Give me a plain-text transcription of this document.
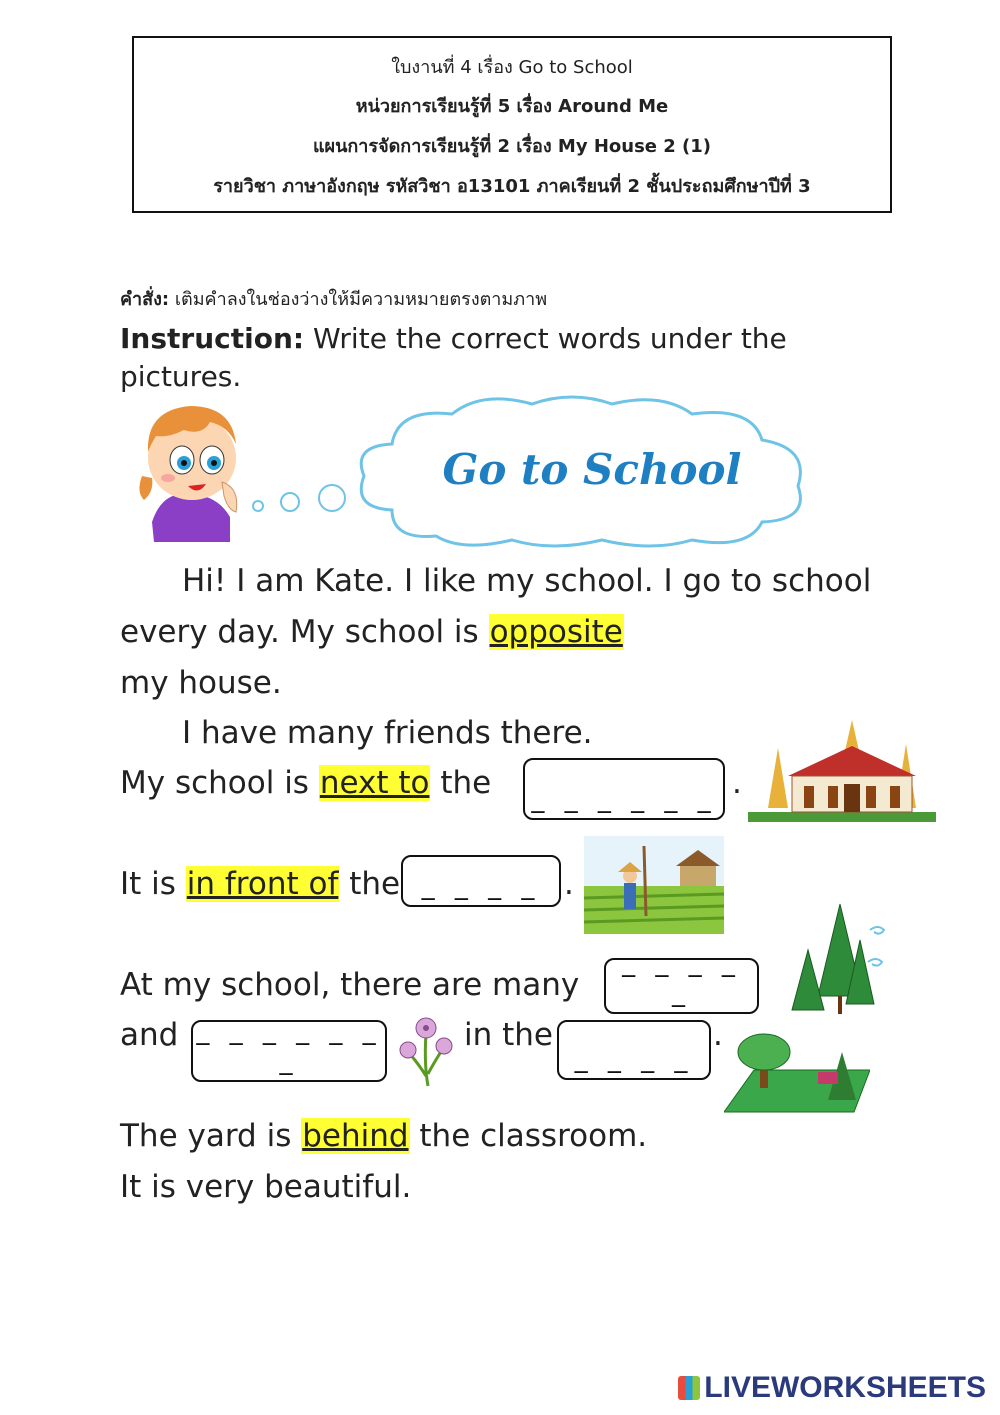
ใบงานที่ 4 เรื่อง Go to School
หน่วยการเรียนรู้ที่ 5 เรื่อง Around Me
แผนการจัดการเรียนรู้ที่ 2 เรื่อง My House 2 (1)
รายวิชา ภาษาอังกฤษ รหัสวิชา อ13101 ภาคเรียนที่ 2 ชั้นประถมศึกษาปีที่ 3
คำสั่ง: เติมคำลงในช่องว่างให้มีความหมายตรงตามภาพ
Instruction: Write the correct words under the pictures.
Go to School
Hi! I am Kate. I like my school. I go to school
every day. My school is opposite
my house.
I have many friends there.
My school is next to the _ _ _ _ _ _ .
It is in front of the _ _ _ _ .
At my school, there are many
_ _ _ _ _
and _ _ _ _ _ _ _
in the
_ _ _ _
.
The yard is behind the classroom.
It is very beautiful.
LIVEWORKSHEETS
